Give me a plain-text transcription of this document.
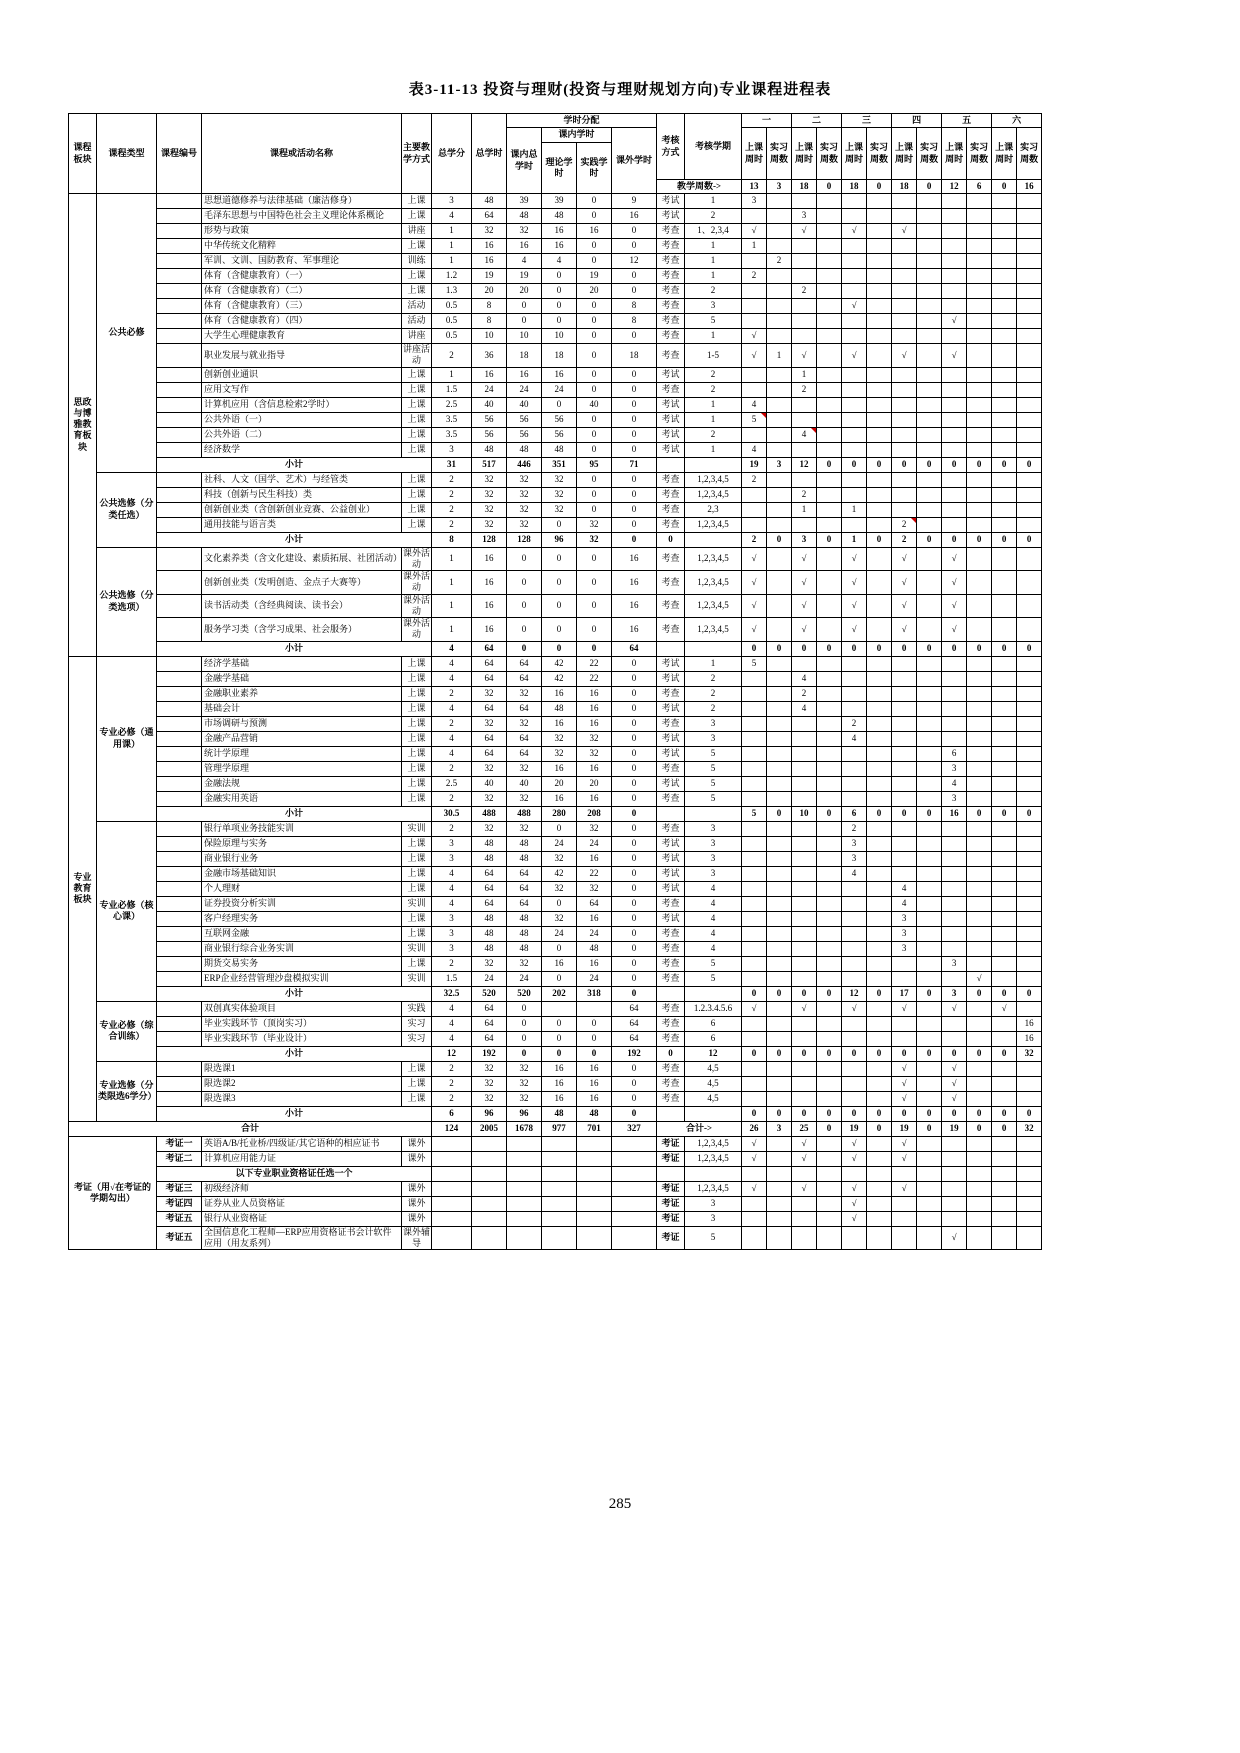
表3-11-13 投资与理财(投资与理财规划方向)专业课程进程表
课程板块	课程类型	课程编号	课程或活动名称	主要教学方式	总学分	总学时	学时分配				考核方式	考核学期	一		二		三		四		五		六	
							课内总学时	课内学时		课外学时			上课周时	实习周数	上课周时	实习周数	上课周时	实习周数	上课周时	实习周数	上课周时	实习周数	上课周时	实习周数
								理论学时	实践学时															
											教学周数->		13	3	18	0	18	0	18	0	12	6	0	16
思政与博雅教育板块	公共必修		思想道德修养与法律基础（廉洁修身）	上课	3	48	39	39	0	9	考试	1	3											
			毛泽东思想与中国特色社会主义理论体系概论	上课	4	64	48	48	0	16	考试	2			3									
			形势与政策	讲座	1	32	32	16	16	0	考查	1、2,3,4	√		√		√		√					
			中华传统文化精粹	上课	1	16	16	16	0	0	考查	1	1											
			军训、文训、国防教育、军事理论	训练	1	16	4	4	0	12	考查	1		2										
			体育（含健康教育）（一）	上课	1.2	19	19	0	19	0	考查	1	2											
			体育（含健康教育）（二）	上课	1.3	20	20	0	20	0	考查	2			2									
			体育（含健康教育）（三）	活动	0.5	8	0	0	0	8	考查	3					√							
			体育（含健康教育）（四）	活动	0.5	8	0	0	0	8	考查	5									√			
			大学生心理健康教育	讲座	0.5	10	10	10	0	0	考查	1	√											
			职业发展与就业指导	讲座活动	2	36	18	18	0	18	考查	1-5	√	1	√		√		√		√			
			创新创业通识	上课	1	16	16	16	0	0	考试	2			1									
			应用文写作	上课	1.5	24	24	24	0	0	考查	2			2									
			计算机应用（含信息检索2学时）	上课	2.5	40	40	0	40	0	考试	1	4											
			公共外语（一）	上课	3.5	56	56	56	0	0	考试	1	5

			公共外语（二）	上课	3.5	56	56	56	0	0	考试	2			4

			经济数学	上课	3	48	48	48	0	0	考试	1	4											
		小计			31	517	446	351	95	71			19	3	12	0	0	0	0	0	0	0	0	0
	公共选修（分类任选）		社科、人文（国学、艺术）与经管类	上课	2	32	32	32	0	0	考查	1,2,3,4,5	2											
			科技（创新与民生科技）类	上课	2	32	32	32	0	0	考查	1,2,3,4,5			2									
			创新创业类（含创新创业竞赛、公益创业）	上课	2	32	32	32	0	0	考查	2,3			1		1							
			通用技能与语言类	上课	2	32	32	0	32	0	考查	1,2,3,4,5							2

		小计			8	128	128	96	32	0	0		2	0	3	0	1	0	2	0	0	0	0	0
	公共选修（分类选项）		文化素养类（含文化建设、素质拓展、社团活动）	课外活动	1	16	0	0	0	16	考查	1,2,3,4,5	√		√		√		√		√			
			创新创业类（发明创造、金点子大赛等）	课外活动	1	16	0	0	0	16	考查	1,2,3,4,5	√		√		√		√		√			
			读书活动类（含经典阅读、读书会）	课外活动	1	16	0	0	0	16	考查	1,2,3,4,5	√		√		√		√		√			
			服务学习类（含学习成果、社会服务）	课外活动	1	16	0	0	0	16	考查	1,2,3,4,5	√		√		√		√		√			
		小计			4	64	0	0	0	64			0	0	0	0	0	0	0	0	0	0	0	0
专业教育板块	专业必修（通用课）		经济学基础	上课	4	64	64	42	22	0	考试	1	5											
			金融学基础	上课	4	64	64	42	22	0	考试	2			4									
			金融职业素养	上课	2	32	32	16	16	0	考查	2			2									
			基础会计	上课	4	64	64	48	16	0	考试	2			4									
			市场调研与预测	上课	2	32	32	16	16	0	考查	3					2							
			金融产品营销	上课	4	64	64	32	32	0	考试	3					4							
			统计学原理	上课	4	64	64	32	32	0	考试	5									6			
			管理学原理	上课	2	32	32	16	16	0	考查	5									3			
			金融法规	上课	2.5	40	40	20	20	0	考试	5									4			
			金融实用英语	上课	2	32	32	16	16	0	考查	5									3			
		小计			30.5	488	488	280	208	0			5	0	10	0	6	0	0	0	16	0	0	0
	专业必修（核心课）		银行单项业务技能实训	实训	2	32	32	0	32	0	考查	3					2							
			保险原理与实务	上课	3	48	48	24	24	0	考试	3					3							
			商业银行业务	上课	3	48	48	32	16	0	考试	3					3							
			金融市场基础知识	上课	4	64	64	42	22	0	考试	3					4							
			个人理财	上课	4	64	64	32	32	0	考试	4							4					
			证券投资分析实训	实训	4	64	64	0	64	0	考查	4							4					
			客户经理实务	上课	3	48	48	32	16	0	考试	4							3					
			互联网金融	上课	3	48	48	24	24	0	考查	4							3					
			商业银行综合业务实训	实训	3	48	48	0	48	0	考查	4							3					
			期货交易实务	上课	2	32	32	16	16	0	考查	5									3			
			ERP企业经营管理沙盘模拟实训	实训	1.5	24	24	0	24	0	考查	5										√		
		小计			32.5	520	520	202	318	0			0	0	0	0	12	0	17	0	3	0	0	0
	专业必修（综合训练）		双创真实体验项目	实践	4	64	0			64	考查	1.2.3.4.5.6	√		√		√		√		√		√	
			毕业实践环节（顶岗实习）	实习	4	64	0	0	0	64	考查	6												16
			毕业实践环节（毕业设计）	实习	4	64	0	0	0	64	考查	6												16
		小计			12	192	0	0	0	192	0	12	0	0	0	0	0	0	0	0	0	0	0	32
	专业选修（分类限选6学分）		限选课1	上课	2	32	32	16	16	0	考查	4,5							√		√			
			限选课2	上课	2	32	32	16	16	0	考查	4,5							√		√			
			限选课3	上课	2	32	32	16	16	0	考查	4,5							√		√			
		小计			6	96	96	48	48	0			0	0	0	0	0	0	0	0	0	0	0	0
合计					124	2005	1678	977	701	327	合计->		26	3	25	0	19	0	19	0	19	0	0	32
考证（用√在考证的学期勾出）		考证一	英语A/B/托业桥/四级证/其它语种的相应证书	课外							考证	1,2,3,4,5	√		√		√		√					
		考证二	计算机应用能力证	课外							考证	1,2,3,4,5	√		√		√		√					
		以下专业职业资格证任选一个																						
		考证三	初级经济师	课外							考证	1,2,3,4,5	√		√		√		√					
		考证四	证券从业人员资格证	课外							考证	3					√							
		考证五	银行从业资格证	课外							考证	3					√							
		考证五	全国信息化工程师—ERP应用资格证书会计软件应用（用友系列）	课外辅导							考证	5									√			
285
